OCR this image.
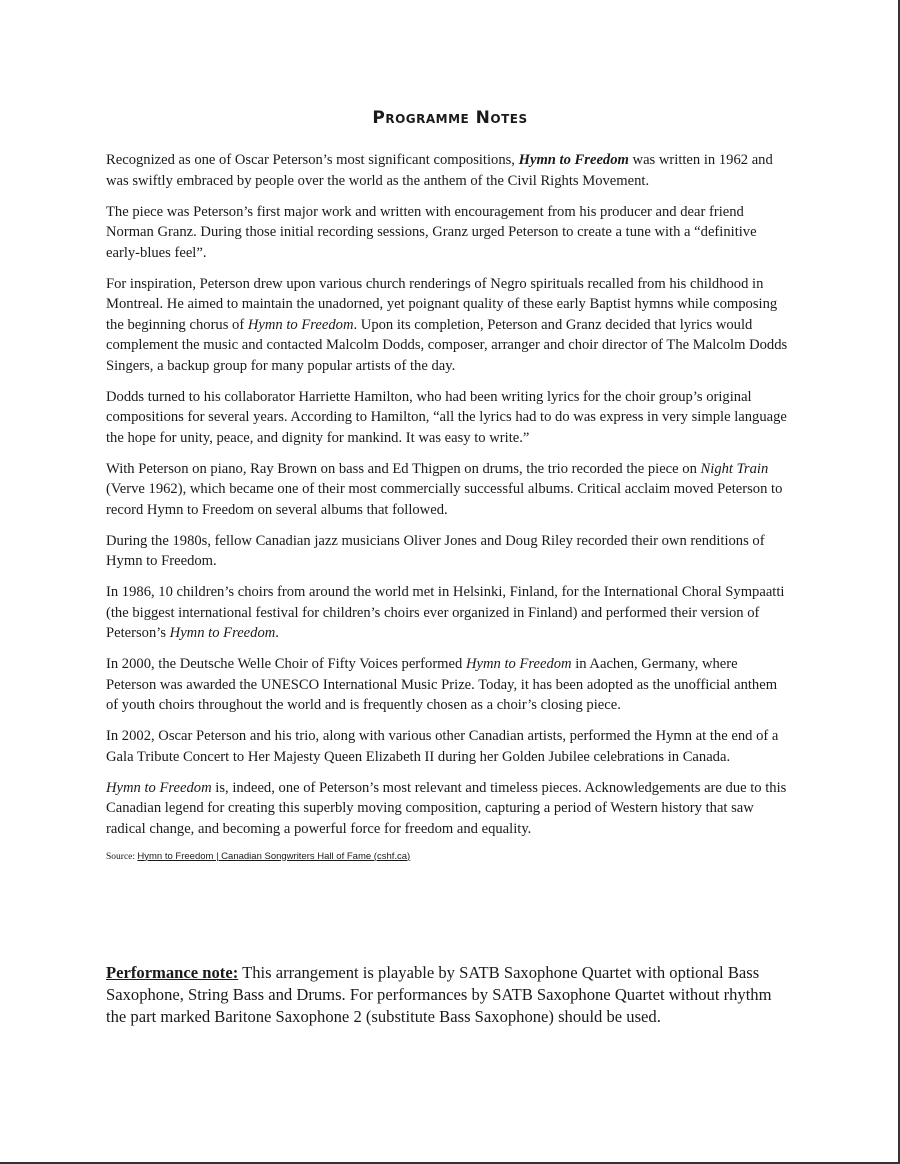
Programme Notes

Recognized as one of Oscar Peterson’s most significant compositions, Hymn to Freedom was written in 1962 and was swiftly embraced by people over the world as the anthem of the Civil Rights Movement.

The piece was Peterson’s first major work and written with encouragement from his producer and dear friend Norman Granz. During those initial recording sessions, Granz urged Peterson to create a tune with a “definitive early-blues feel”.

For inspiration, Peterson drew upon various church renderings of Negro spirituals recalled from his childhood in Montreal. He aimed to maintain the unadorned, yet poignant quality of these early Baptist hymns while composing the beginning chorus of Hymn to Freedom. Upon its completion, Peterson and Granz decided that lyrics would complement the music and contacted Malcolm Dodds, composer, arranger and choir director of The Malcolm Dodds Singers, a backup group for many popular artists of the day.

Dodds turned to his collaborator Harriette Hamilton, who had been writing lyrics for the choir group’s original compositions for several years. According to Hamilton, “all the lyrics had to do was express in very simple language the hope for unity, peace, and dignity for mankind. It was easy to write.”

With Peterson on piano, Ray Brown on bass and Ed Thigpen on drums, the trio recorded the piece on Night Train (Verve 1962), which became one of their most commercially successful albums. Critical acclaim moved Peterson to record Hymn to Freedom on several albums that followed.

During the 1980s, fellow Canadian jazz musicians Oliver Jones and Doug Riley recorded their own renditions of Hymn to Freedom.

In 1986, 10 children’s choirs from around the world met in Helsinki, Finland, for the International Choral Sympaatti (the biggest international festival for children’s choirs ever organized in Finland) and performed their version of Peterson’s Hymn to Freedom.

In 2000, the Deutsche Welle Choir of Fifty Voices performed Hymn to Freedom in Aachen, Germany, where Peterson was awarded the UNESCO International Music Prize. Today, it has been adopted as the unofficial anthem of youth choirs throughout the world and is frequently chosen as a choir’s closing piece.

In 2002, Oscar Peterson and his trio, along with various other Canadian artists, performed the Hymn at the end of a Gala Tribute Concert to Her Majesty Queen Elizabeth II during her Golden Jubilee celebrations in Canada.

Hymn to Freedom is, indeed, one of Peterson’s most relevant and timeless pieces. Acknowledgements are due to this Canadian legend for creating this superbly moving composition, capturing a period of Western history that saw radical change, and becoming a powerful force for freedom and equality.

Source: Hymn to Freedom | Canadian Songwriters Hall of Fame (cshf.ca)

Performance note: This arrangement is playable by SATB Saxophone Quartet with optional Bass Saxophone, String Bass and Drums. For performances by SATB Saxophone Quartet without rhythm the part marked Baritone Saxophone 2 (substitute Bass Saxophone) should be used.
